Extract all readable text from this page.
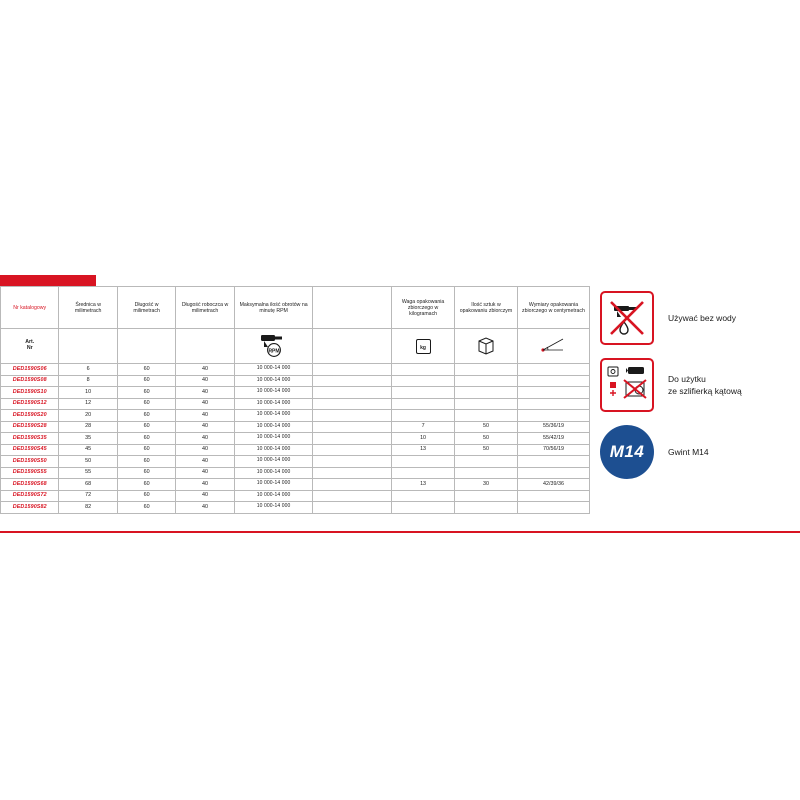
Nr katalogowy	Średnica w milimetrach	Długość w milimetrach	Długość roboczca w milimetrach	Maksymalna ilość obrotów na minutę RPM		Waga opakowania zbiorczego w kilogramach	Ilość sztuk w opakowaniu zbiorczym	Wymiary opakowania zbiorczego w centymetrach
Art.
Nr				RPM		kg		
DED1590S06	6	60	40	10 000-14 000				
DED1590S08	8	60	40	10 000-14 000				
DED1590S10	10	60	40	10 000-14 000				
DED1590S12	12	60	40	10 000-14 000				
DED1590S20	20	60	40	10 000-14 000				
DED1590S28	28	60	40	10 000-14 000		7	50	55/36/19
DED1590S35	35	60	40	10 000-14 000		10	50	55/42/19
DED1590S45	45	60	40	10 000-14 000		13	50	70/56/19
DED1590S50	50	60	40	10 000-14 000				
DED1590S55	55	60	40	10 000-14 000				
DED1590S68	68	60	40	10 000-14 000		13	30	42/39/36
DED1590S72	72	60	40	10 000-14 000				
DED1590S82	82	60	40	10 000-14 000				
Używać bez wody
Do użytku
ze szlifierką kątową
M14	Gwint M14
